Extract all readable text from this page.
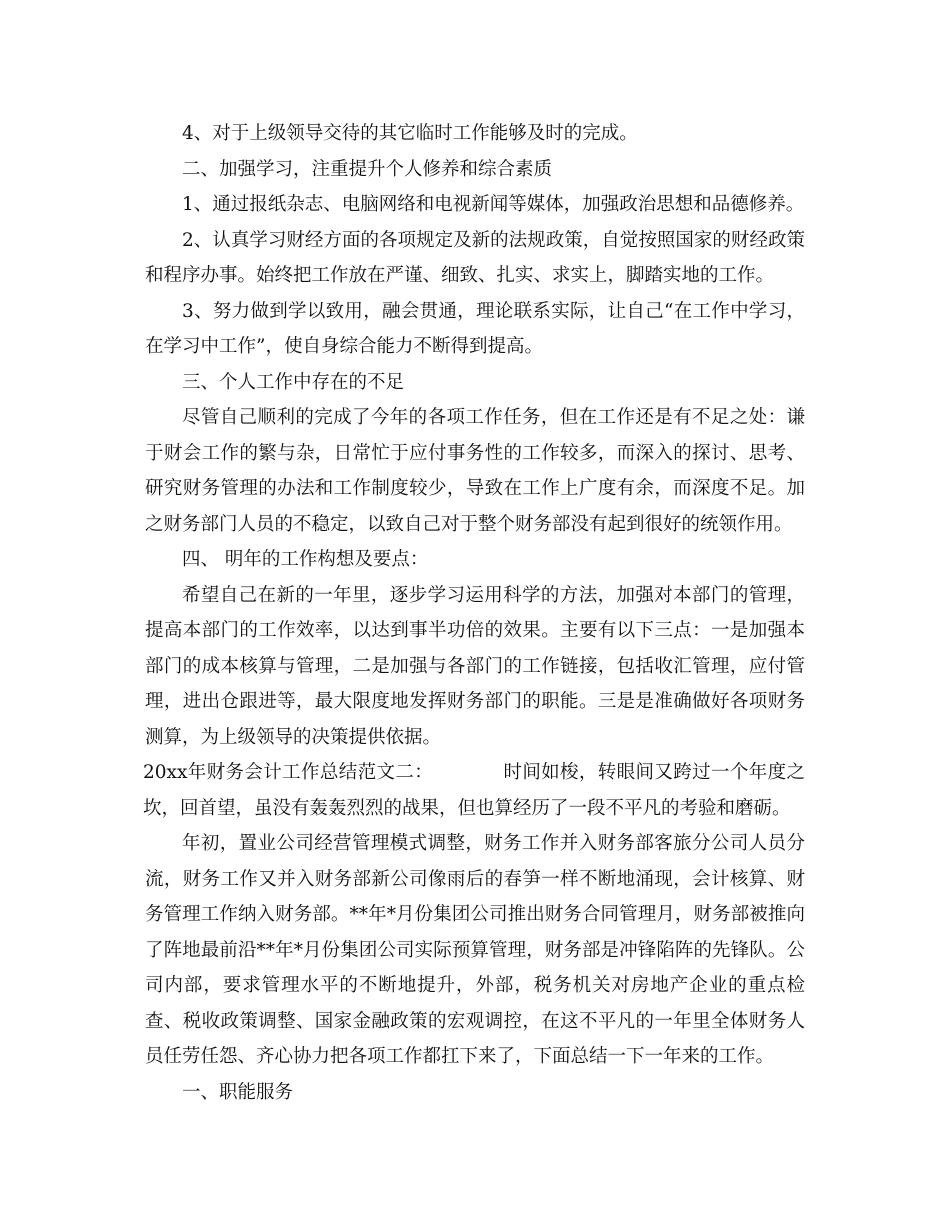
4、对于上级领导交待的其它临时工作能够及时的完成。

二、加强学习，注重提升个人修养和综合素质

1、通过报纸杂志、电脑网络和电视新闻等媒体，加强政治思想和品德修养。

2、认真学习财经方面的各项规定及新的法规政策，自觉按照国家的财经政策和程序办事。始终把工作放在严谨、细致、扎实、求实上，脚踏实地的工作。

3、努力做到学以致用，融会贯通，理论联系实际，让自己“在工作中学习，在学习中工作”，使自身综合能力不断得到提高。

三、个人工作中存在的不足

尽管自己顺利的完成了今年的各项工作任务，但在工作还是有不足之处：谦于财会工作的繁与杂，日常忙于应付事务性的工作较多，而深入的探讨、思考、研究财务管理的办法和工作制度较少，导致在工作上广度有余，而深度不足。加之财务部门人员的不稳定，以致自己对于整个财务部没有起到很好的统领作用。

四、 明年的工作构想及要点：

希望自己在新的一年里，逐步学习运用科学的方法，加强对本部门的管理，提高本部门的工作效率，以达到事半功倍的效果。主要有以下三点：一是加强本部门的成本核算与管理，二是加强与各部门的工作链接，包括收汇管理，应付管理，进出仓跟进等，最大限度地发挥财务部门的职能。三是是准确做好各项财务测算，为上级领导的决策提供依据。

20xx年财务会计工作总结范文二：	时间如梭，转眼间又跨过一个年度之坎，回首望，虽没有轰轰烈烈的战果，但也算经历了一段不平凡的考验和磨砺。

年初，置业公司经营管理模式调整，财务工作并入财务部客旅分公司人员分流，财务工作又并入财务部新公司像雨后的春笋一样不断地涌现，会计核算、财务管理工作纳入财务部。**年*月份集团公司推出财务合同管理月，财务部被推向了阵地最前沿**年*月份集团公司实际预算管理，财务部是冲锋陷阵的先锋队。公司内部，要求管理水平的不断地提升，外部，税务机关对房地产企业的重点检查、税收政策调整、国家金融政策的宏观调控，在这不平凡的一年里全体财务人员任劳任怨、齐心协力把各项工作都扛下来了，下面总结一下一年来的工作。

一、职能服务
